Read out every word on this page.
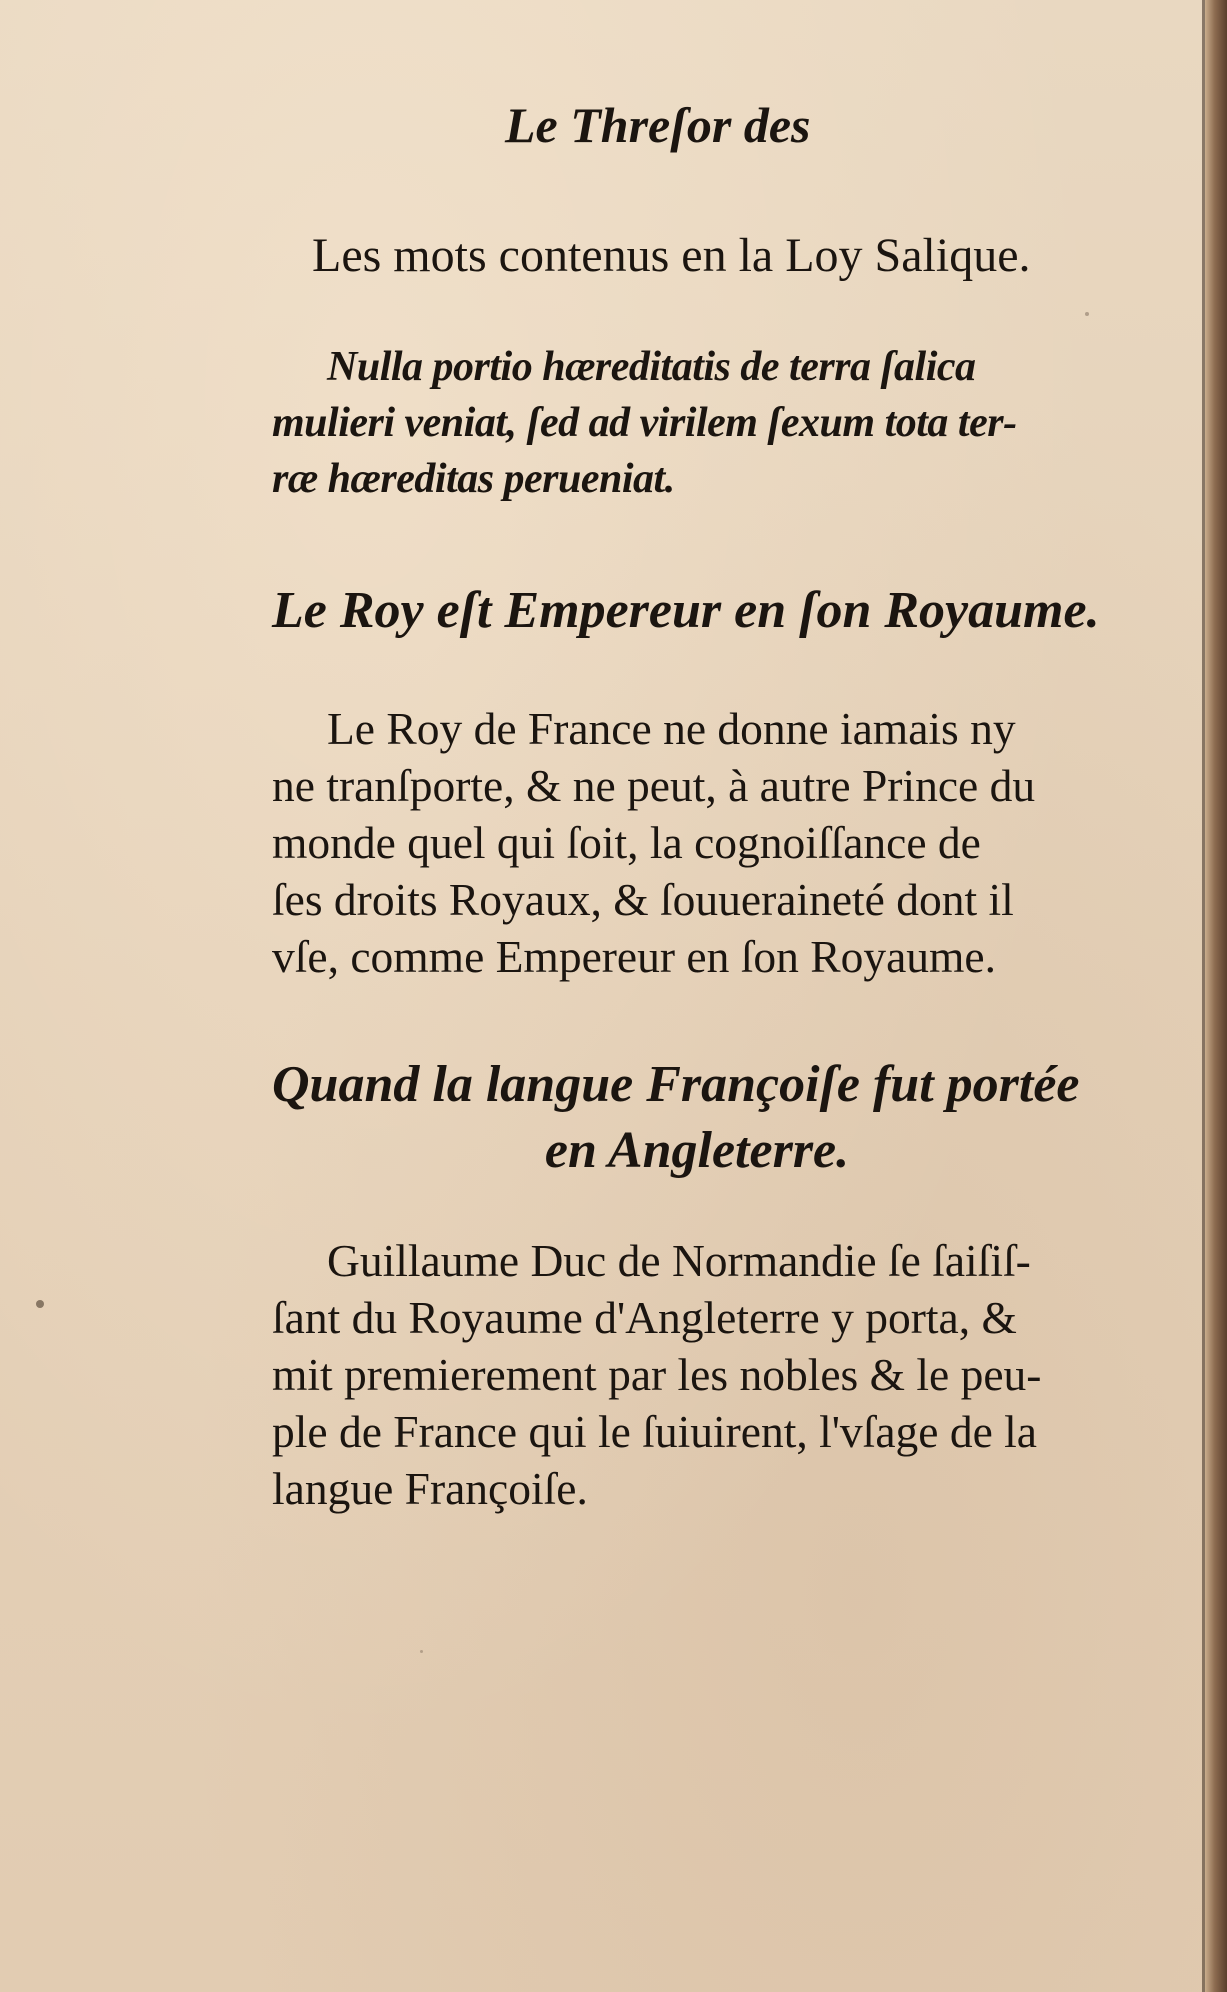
Le Threſor des
Les mots contenus en la Loy Salique.
Nulla portio hæreditatis de terra ſalica
mulieri veniat, ſed ad virilem ſexum tota ter-
ræ hæreditas perueniat.
Le Roy eſt Empereur en ſon Royaume.
Le Roy de France ne donne iamais ny
ne tranſporte, & ne peut, à autre Prince du
monde quel qui ſoit, la cognoiſſance de
ſes droits Royaux, & ſouueraineté dont il
vſe, comme Empereur en ſon Royaume.
Quand la langue Françoiſe fut portée
en Angleterre.
Guillaume Duc de Normandie ſe ſaiſiſ-
ſant du Royaume d'Angleterre y porta, &
mit premierement par les nobles & le peu-
ple de France qui le ſuiuirent, l'vſage de la
langue Françoiſe.
